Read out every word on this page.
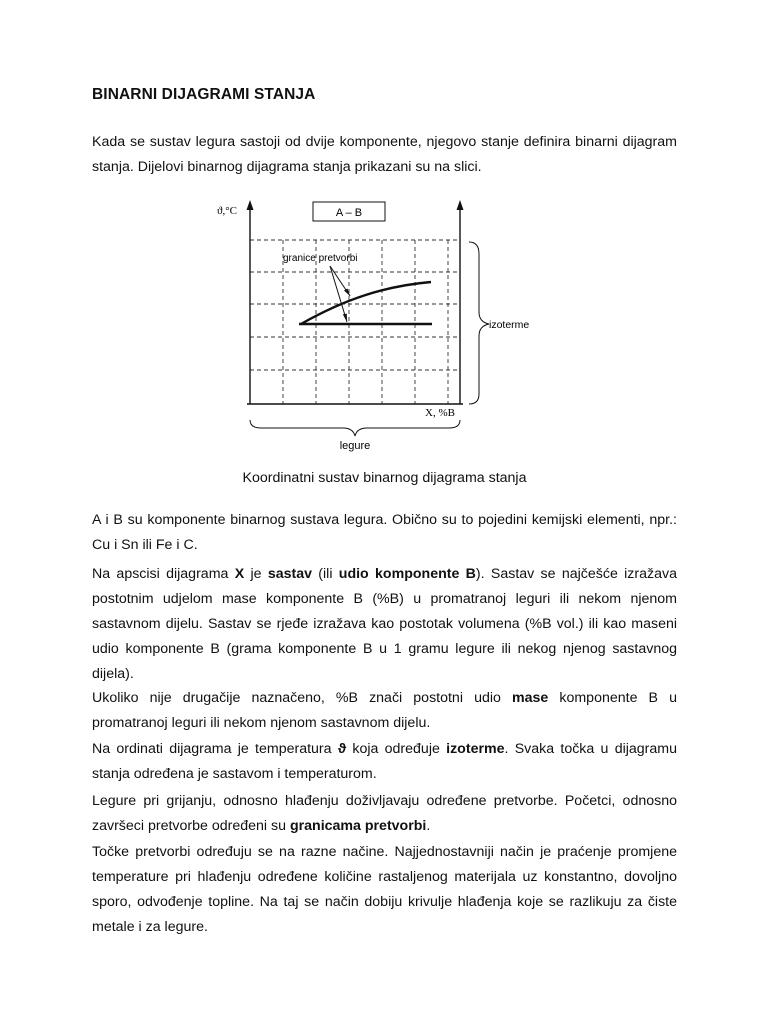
BINARNI DIJAGRAMI STANJA

Kada se sustav legura sastoji od dvije komponente, njegovo stanje definira binarni dijagram stanja. Dijelovi binarnog dijagrama stanja prikazani su na slici.

ϑ,°C	A – B
granice pretvorbi
izoterme
X, %B
legure

Koordinatni sustav binarnog dijagrama stanja

A i B su komponente binarnog sustava legura. Obično su to pojedini kemijski elementi, npr.: Cu i Sn ili Fe i C.

Na apscisi dijagrama X je sastav (ili udio komponente B). Sastav se najčešće izražava postotnim udjelom mase komponente B (%B) u promatranoj leguri ili nekom njenom sastavnom dijelu. Sastav se rjeđe izražava kao postotak volumena (%B vol.) ili kao maseni udio komponente B (grama komponente B u 1 gramu legure ili nekog njenog sastavnog dijela).

Ukoliko nije drugačije naznačeno, %B znači postotni udio mase komponente B u promatranoj leguri ili nekom njenom sastavnom dijelu.

Na ordinati dijagrama je temperatura ϑ koja određuje izoterme. Svaka točka u dijagramu stanja određena je sastavom i temperaturom.

Legure pri grijanju, odnosno hlađenju doživljavaju određene pretvorbe. Početci, odnosno završeci pretvorbe određeni su granicama pretvorbi.

Točke pretvorbi određuju se na razne načine. Najjednostavniji način je praćenje promjene temperature pri hlađenju određene količine rastaljenog materijala uz konstantno, dovoljno sporo, odvođenje topline. Na taj se način dobiju krivulje hlađenja koje se razlikuju za čiste metale i za legure.
